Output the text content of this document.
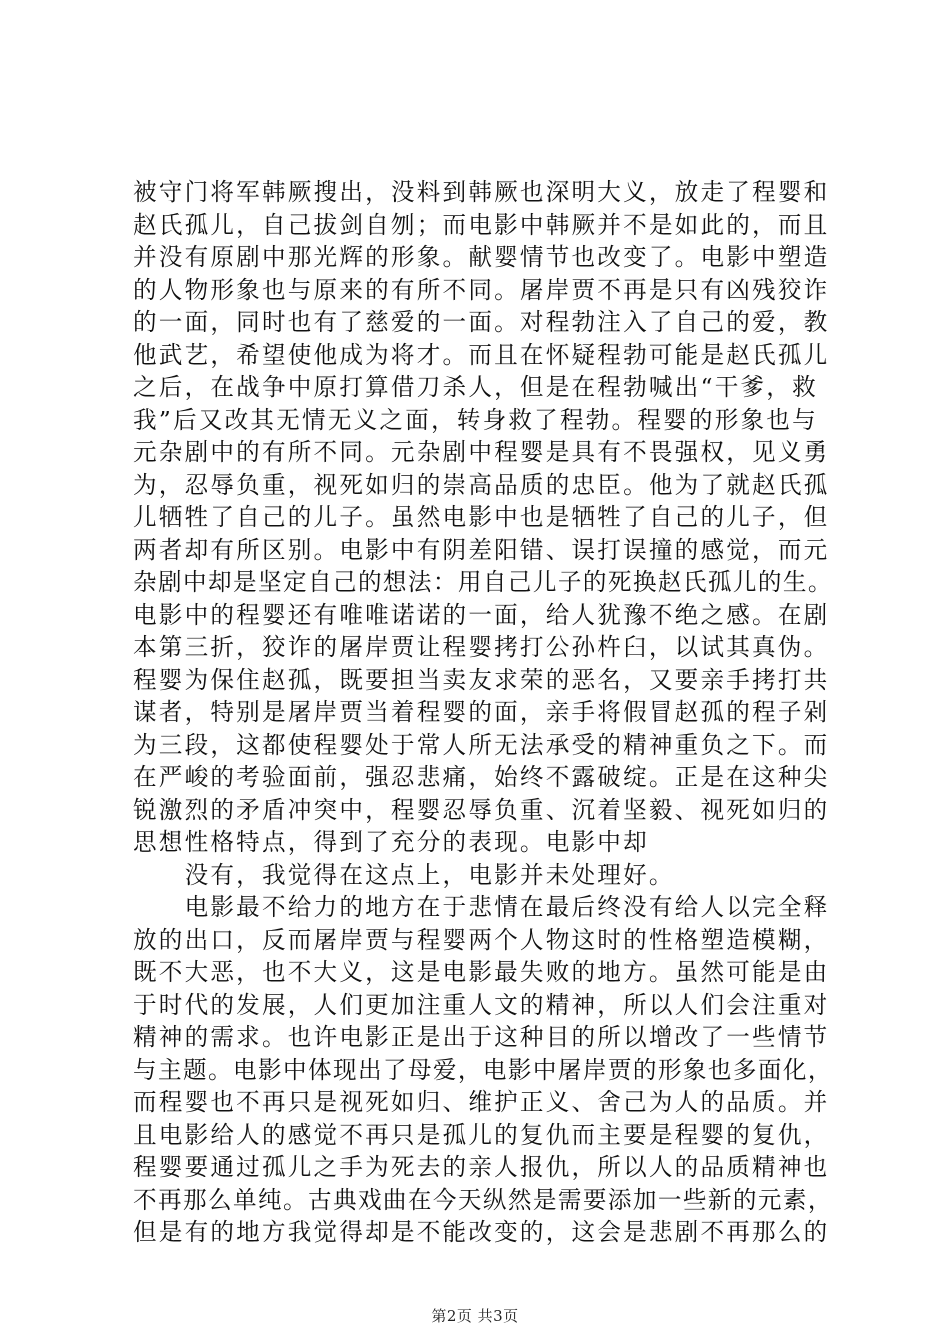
被守门将军韩厥搜出，没料到韩厥也深明大义，放走了程婴和
赵氏孤儿，自己拔剑自刎；而电影中韩厥并不是如此的，而且
并没有原剧中那光辉的形象。献婴情节也改变了。电影中塑造
的人物形象也与原来的有所不同。屠岸贾不再是只有凶残狡诈
的一面，同时也有了慈爱的一面。对程勃注入了自己的爱，教
他武艺，希望使他成为将才。而且在怀疑程勃可能是赵氏孤儿
之后，在战争中原打算借刀杀人，但是在程勃喊出“干爹，救
我”后又改其无情无义之面，转身救了程勃。程婴的形象也与
元杂剧中的有所不同。元杂剧中程婴是具有不畏强权，见义勇
为，忍辱负重，视死如归的崇高品质的忠臣。他为了就赵氏孤
儿牺牲了自己的儿子。虽然电影中也是牺牲了自己的儿子，但
两者却有所区别。电影中有阴差阳错、误打误撞的感觉，而元
杂剧中却是坚定自己的想法：用自己儿子的死换赵氏孤儿的生。
电影中的程婴还有唯唯诺诺的一面，给人犹豫不绝之感。在剧
本第三折，狡诈的屠岸贾让程婴拷打公孙杵臼，以试其真伪。
程婴为保住赵孤，既要担当卖友求荣的恶名，又要亲手拷打共
谋者，特别是屠岸贾当着程婴的面，亲手将假冒赵孤的程子剁
为三段，这都使程婴处于常人所无法承受的精神重负之下。而
在严峻的考验面前，强忍悲痛，始终不露破绽。正是在这种尖
锐激烈的矛盾冲突中，程婴忍辱负重、沉着坚毅、视死如归的
思想性格特点，得到了充分的表现。电影中却
　　没有，我觉得在这点上，电影并未处理好。
　　电影最不给力的地方在于悲情在最后终没有给人以完全释
放的出口，反而屠岸贾与程婴两个人物这时的性格塑造模糊，
既不大恶，也不大义，这是电影最失败的地方。虽然可能是由
于时代的发展，人们更加注重人文的精神，所以人们会注重对
精神的需求。也许电影正是出于这种目的所以增改了一些情节
与主题。电影中体现出了母爱，电影中屠岸贾的形象也多面化，
而程婴也不再只是视死如归、维护正义、舍己为人的品质。并
且电影给人的感觉不再只是孤儿的复仇而主要是程婴的复仇，
程婴要通过孤儿之手为死去的亲人报仇，所以人的品质精神也
不再那么单纯。古典戏曲在今天纵然是需要添加一些新的元素，
但是有的地方我觉得却是不能改变的，这会是悲剧不再那么的
第2页 共3页
